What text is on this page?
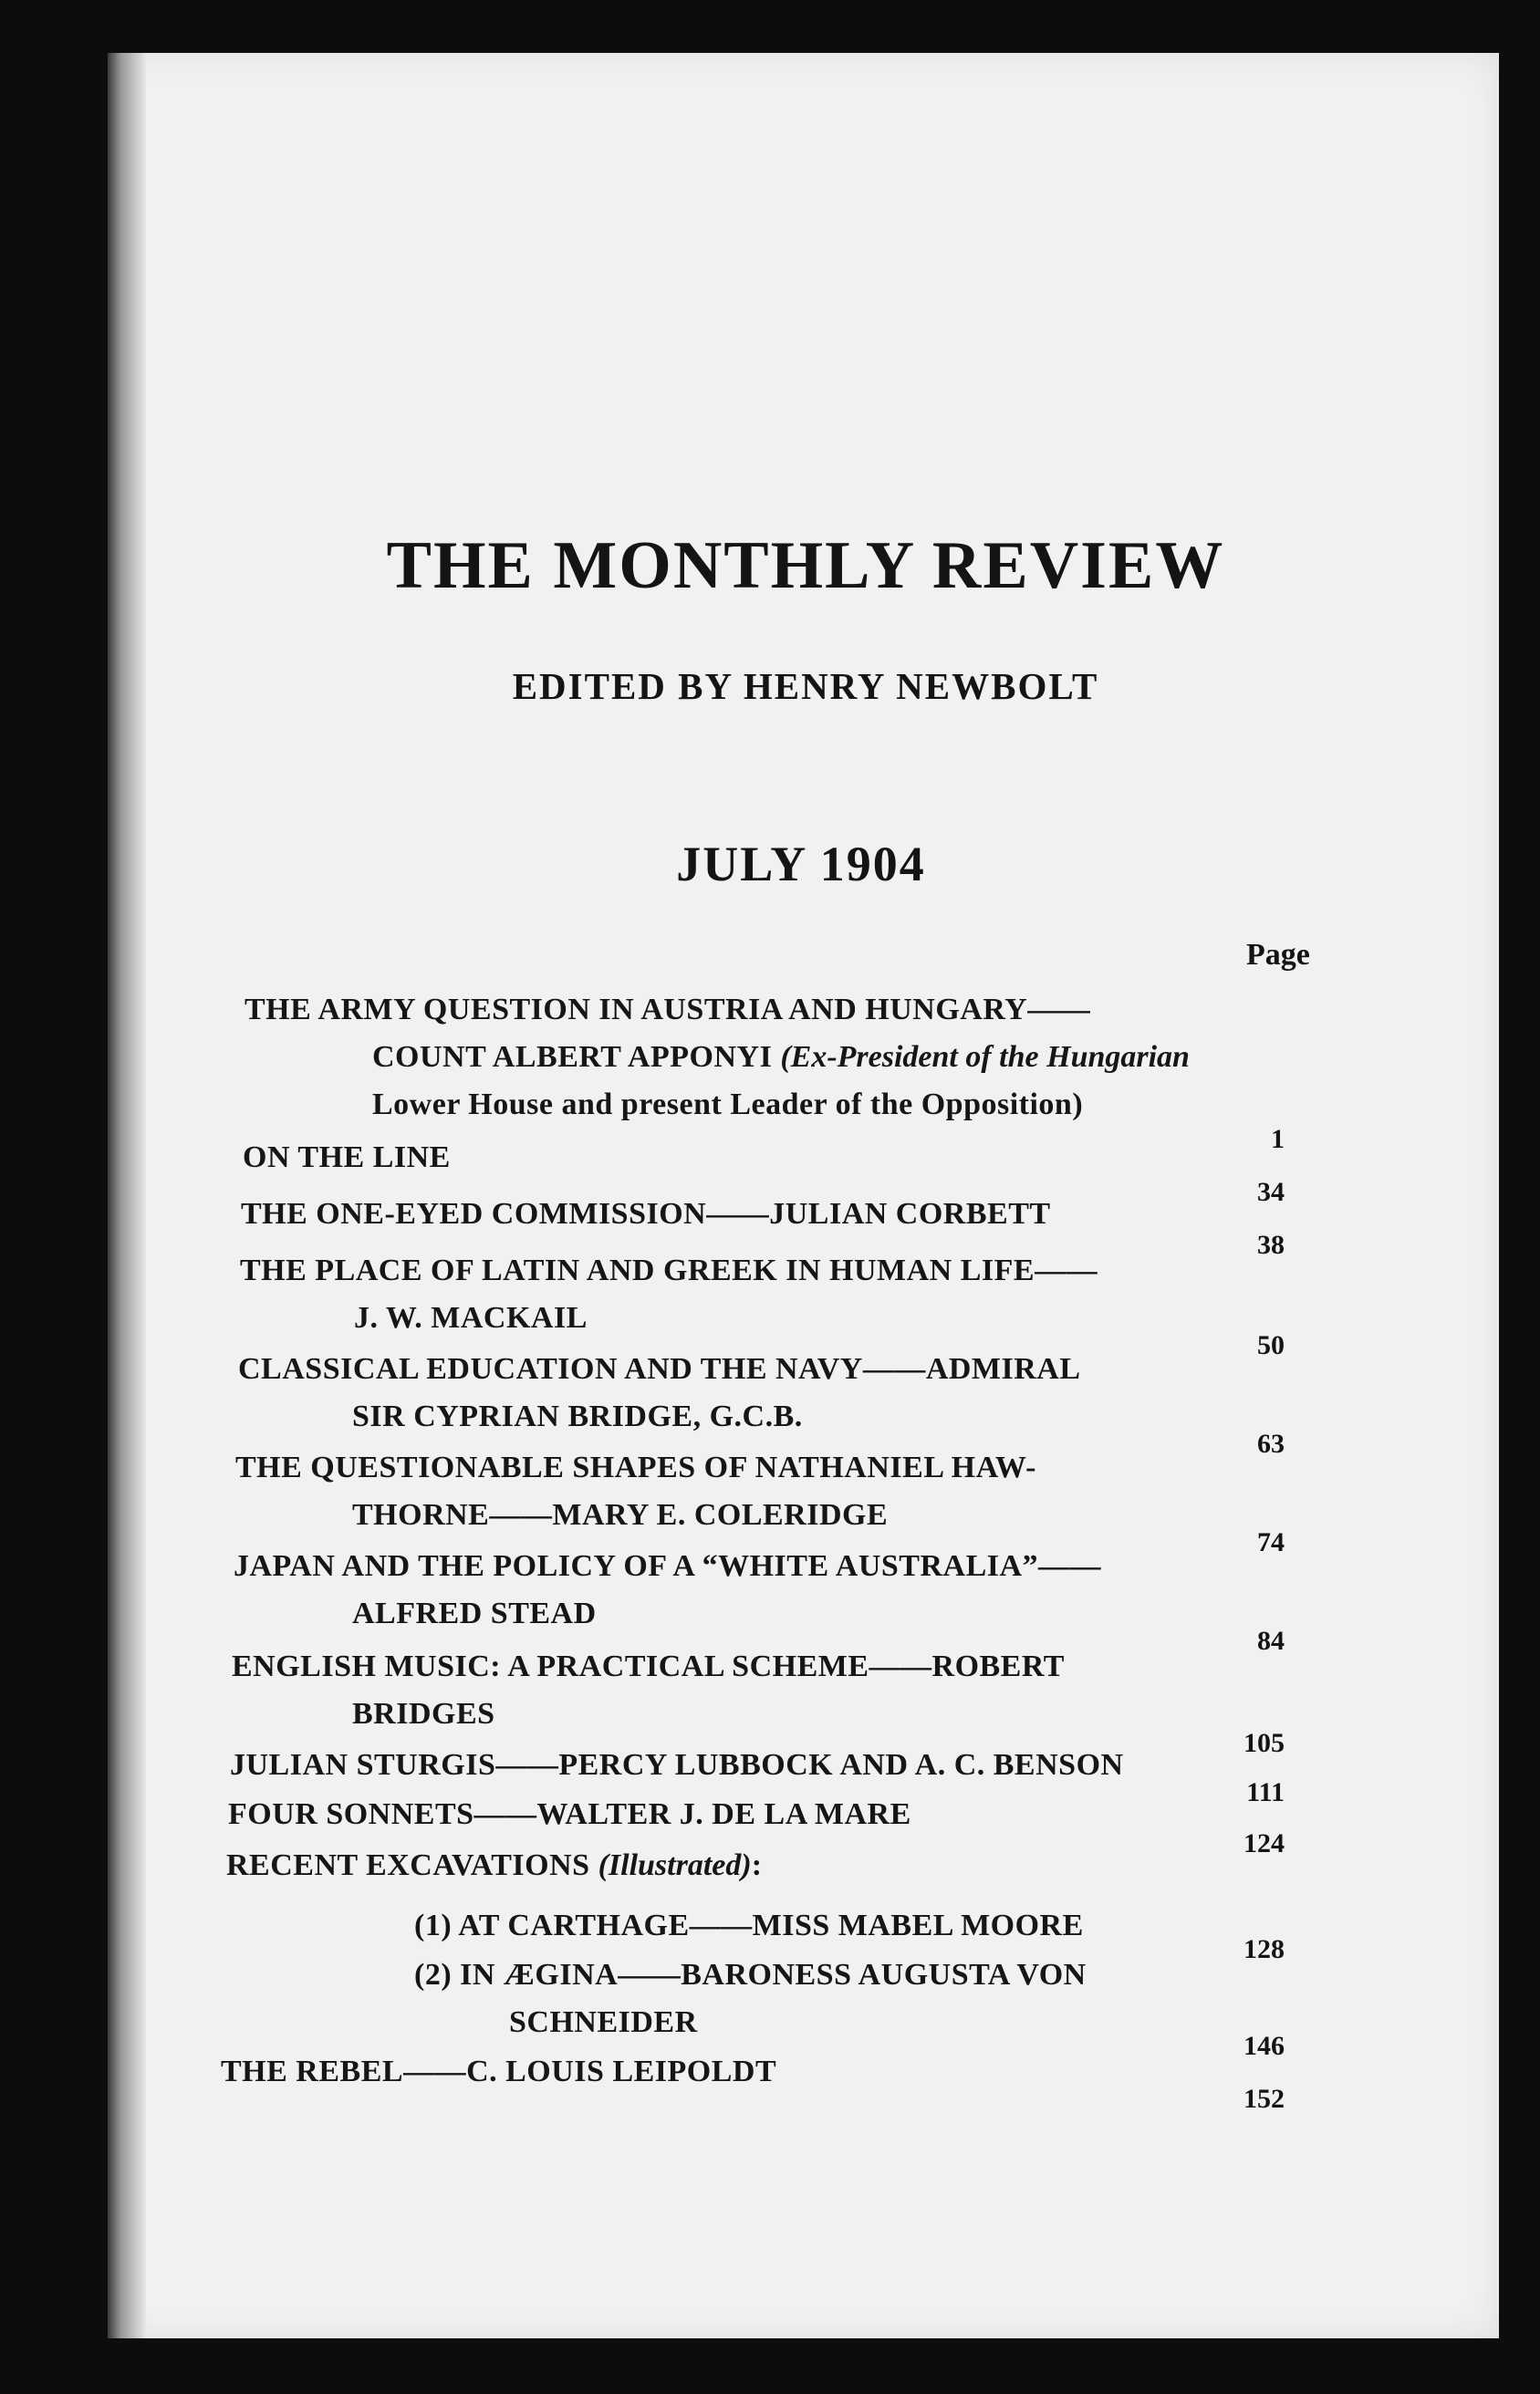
THE MONTHLY REVIEW
EDITED BY HENRY NEWBOLT
JULY 1904
Page
THE ARMY QUESTION IN AUSTRIA AND HUNGARY——
COUNT ALBERT APPONYI (Ex-President of the Hungarian
Lower House and present Leader of the Opposition)
1
ON THE LINE
34
THE ONE-EYED COMMISSION——JULIAN CORBETT
38
THE PLACE OF LATIN AND GREEK IN HUMAN LIFE——
J. W. MACKAIL
50
CLASSICAL EDUCATION AND THE NAVY——ADMIRAL
SIR CYPRIAN BRIDGE, G.C.B.
63
THE QUESTIONABLE SHAPES OF NATHANIEL HAW-
THORNE——MARY E. COLERIDGE
74
JAPAN AND THE POLICY OF A “WHITE AUSTRALIA”——
ALFRED STEAD
84
ENGLISH MUSIC: A PRACTICAL SCHEME——ROBERT
BRIDGES
105
JULIAN STURGIS——PERCY LUBBOCK AND A. C. BENSON
111
FOUR SONNETS——WALTER J. DE LA MARE
124
RECENT EXCAVATIONS (Illustrated):
(1) AT CARTHAGE——MISS MABEL MOORE
128
(2) IN ÆGINA——BARONESS AUGUSTA VON
SCHNEIDER
146
THE REBEL——C. LOUIS LEIPOLDT
152
